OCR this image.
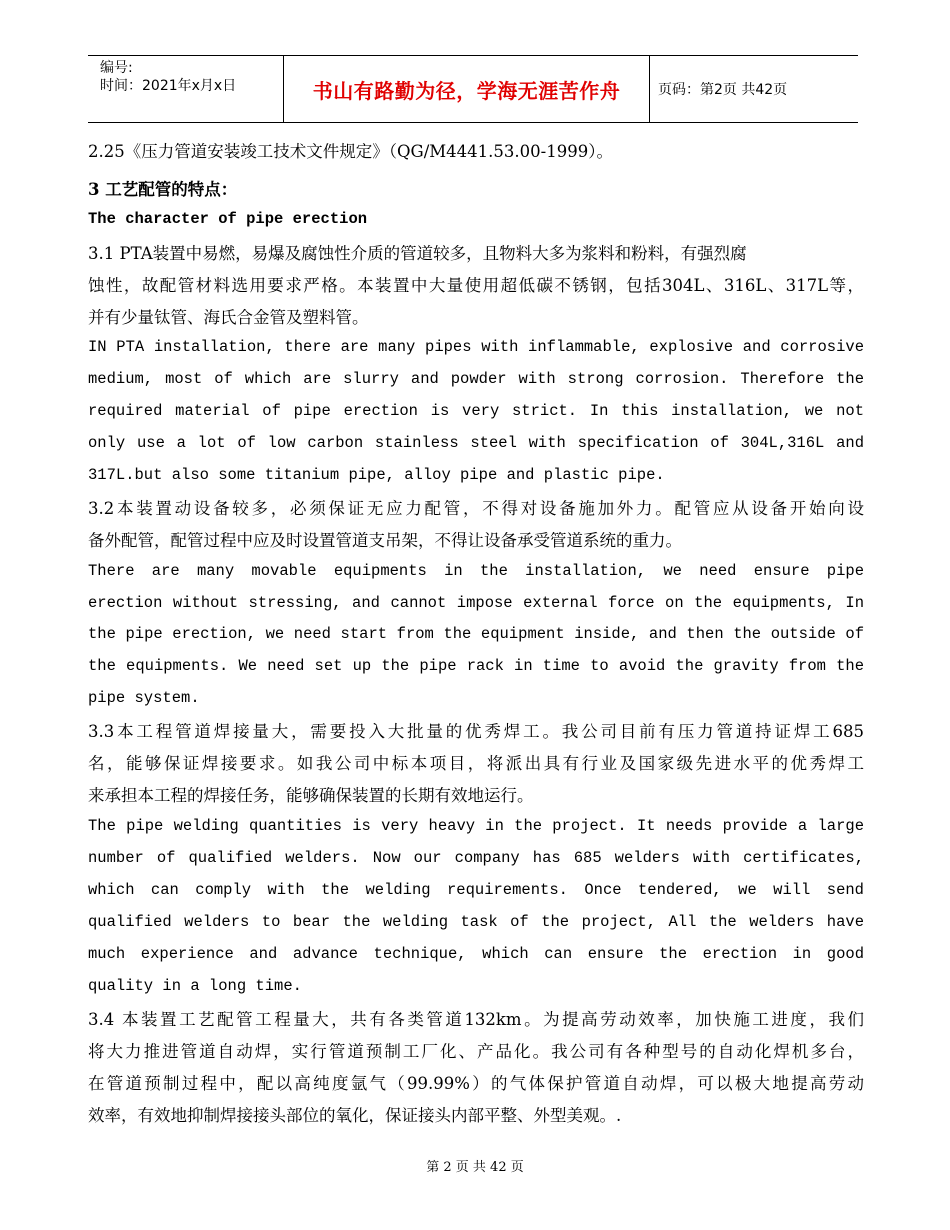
编号:
时间：2021年x月x日	书山有路勤为径，学海无涯苦作舟	页码：第2页 共42页
2.25《压力管道安装竣工技术文件规定》（QG/M4441.53.00-1999）。
3 工艺配管的特点：
The character of pipe erection
3.1 PTA装置中易燃，易爆及腐蚀性介质的管道较多，且物料大多为浆料和粉料，有强烈腐
蚀性，故配管材料选用要求严格。本装置中大量使用超低碳不锈钢，包括304L、316L、317L等，
并有少量钛管、海氏合金管及塑料管。
IN PTA installation, there are many pipes with inflammable, explosive and corrosive
medium, most of which are slurry and powder with strong corrosion. Therefore the
required material of pipe erection is very strict. In this installation, we not
only use a lot of low carbon stainless steel with specification of 304L,316L and
317L.but also some titanium pipe, alloy pipe and plastic pipe.
3.2本装置动设备较多，必须保证无应力配管，不得对设备施加外力。配管应从设备开始向设
备外配管，配管过程中应及时设置管道支吊架，不得让设备承受管道系统的重力。
There are many movable equipments in the installation, we need ensure pipe
erection without stressing, and cannot impose external force on the equipments, In
the pipe erection, we need start from the equipment inside, and then the outside of
the equipments. We need set up the pipe rack in time to avoid the gravity from the
pipe system.
3.3本工程管道焊接量大，需要投入大批量的优秀焊工。我公司目前有压力管道持证焊工685
名，能够保证焊接要求。如我公司中标本项目，将派出具有行业及国家级先进水平的优秀焊工
来承担本工程的焊接任务，能够确保装置的长期有效地运行。
The pipe welding quantities is very heavy in the project. It needs provide a large
number of qualified welders. Now our company has 685 welders with certificates,
which can comply with the welding requirements. Once tendered, we will send
qualified welders to bear the welding task of the project, All the welders have
much experience and advance technique, which can ensure the erection in good
quality in a long time.
3.4 本装置工艺配管工程量大，共有各类管道132km。为提高劳动效率，加快施工进度，我们
将大力推进管道自动焊，实行管道预制工厂化、产品化。我公司有各种型号的自动化焊机多台，
在管道预制过程中，配以高纯度氩气（99.99%）的气体保护管道自动焊，可以极大地提高劳动
效率，有效地抑制焊接接头部位的氧化，保证接头内部平整、外型美观。.
第 2 页 共 42 页
